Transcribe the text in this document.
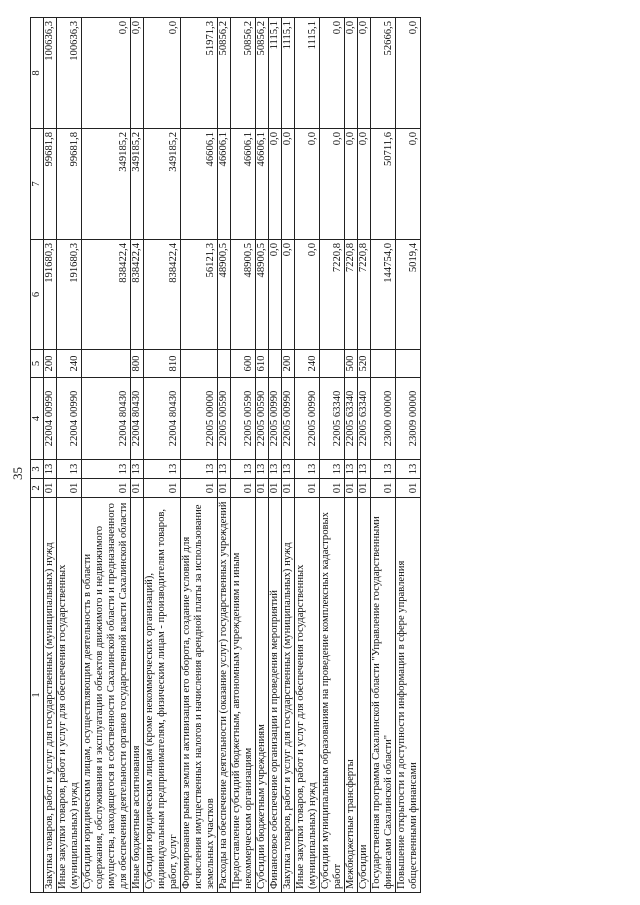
35
1	2	3	4	5	6	7	8
Закупка товаров, работ и услуг для государственных (муниципальных) нужд	01	13	22004 00990	200	191680,3	99681,8	100636,3
Иные закупки товаров, работ и услуг для обеспечения государственных (муниципальных) нужд	01	13	22004 00990	240	191680,3	99681,8	100636,3
Субсидии юридическим лицам, осуществляющим деятельность в области содержания, обслуживания и эксплуатации объектов движимого и недвижимого имущества, находящегося в собственности Сахалинской области и предназначенного для обеспечения деятельности органов государственной власти Сахалинской области	01	13	22004 80430		838422,4	349185,2	0,0
Иные бюджетные ассигнования	01	13	22004 80430	800	838422,4	349185,2	0,0
Субсидии юридическим лицам (кроме некоммерческих организаций), индивидуальным предпринимателям, физическим лицам - производителям товаров, работ, услуг	01	13	22004 80430	810	838422,4	349185,2	0,0
Формирование рынка земли и активизация его оборота, создание условий для исчисления имущественных налогов и начисления арендной платы за использование земельных участков	01	13	22005 00000		56121,3	46606,1	51971,3
Расходы на обеспечение деятельности (оказание услуг) государственных учреждений	01	13	22005 00590		48900,5	46606,1	50856,2
Предоставление субсидий бюджетным, автономным учреждениям и иным некоммерческим организациям	01	13	22005 00590	600	48900,5	46606,1	50856,2
Субсидии бюджетным учреждениям	01	13	22005 00590	610	48900,5	46606,1	50856,2
Финансовое обеспечение организации и проведения мероприятий	01	13	22005 00990		0,0	0,0	1115,1
Закупка товаров, работ и услуг для государственных (муниципальных) нужд	01	13	22005 00990	200	0,0	0,0	1115,1
Иные закупки товаров, работ и услуг для обеспечения государственных (муниципальных) нужд	01	13	22005 00990	240	0,0	0,0	1115,1
Субсидии муниципальным образованиям на проведение комплексных кадастровых работ	01	13	22005 63340		7220,8	0,0	0,0
Межбюджетные трансферты	01	13	22005 63340	500	7220,8	0,0	0,0
Субсидии	01	13	22005 63340	520	7220,8	0,0	0,0
Государственная программа Сахалинской области "Управление государственными финансами Сахалинской области"	01	13	23000 00000		144754,0	50711,6	52666,5
Повышение открытости и доступности информации в сфере управления общественными финансами	01	13	23009 00000		5019,4	0,0	0,0
